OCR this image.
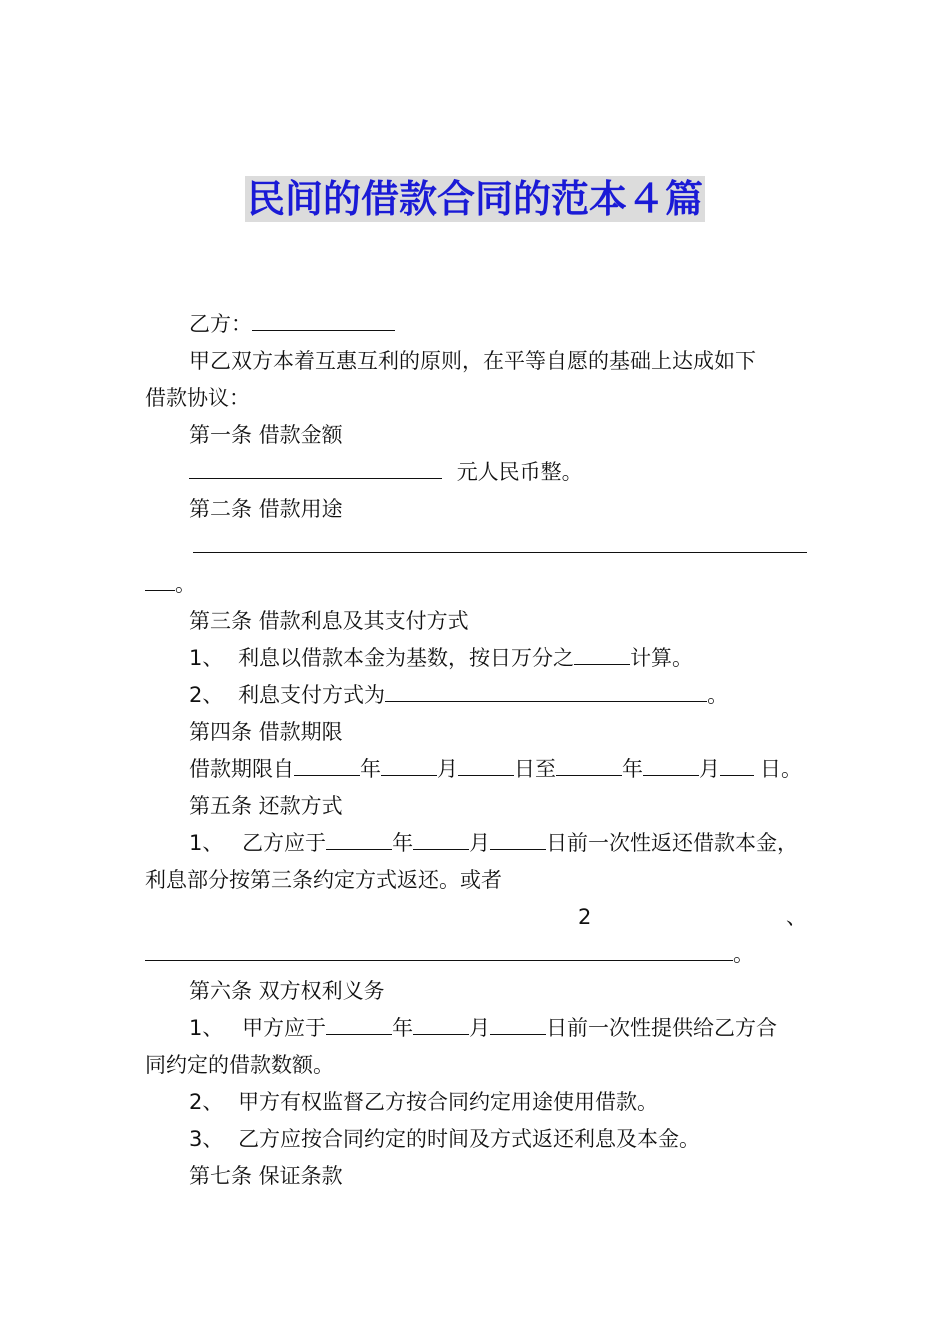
民间的借款合同的范本４篇
乙方：
甲乙双方本着互惠互利的原则，在平等自愿的基础上达成如下
借款协议：
第一条 借款金额
元人民币整。
第二条 借款用途
。
第三条 借款利息及其支付方式
1、 利息以借款本金为基数，按日万分之	计算。
2、 利息支付方式为	。
第四条 借款期限
借款期限自	年	月	日至	年	月 日。
第五条 还款方式
1、 乙方应于	年	月	日前一次性返还借款本金，
利息部分按第三条约定方式返还。或者
2	、
。
第六条 双方权利义务
1、 甲方应于	年	月	日前一次性提供给乙方合
同约定的借款数额。
2、 甲方有权监督乙方按合同约定用途使用借款。
3、 乙方应按合同约定的时间及方式返还利息及本金。
第七条 保证条款
